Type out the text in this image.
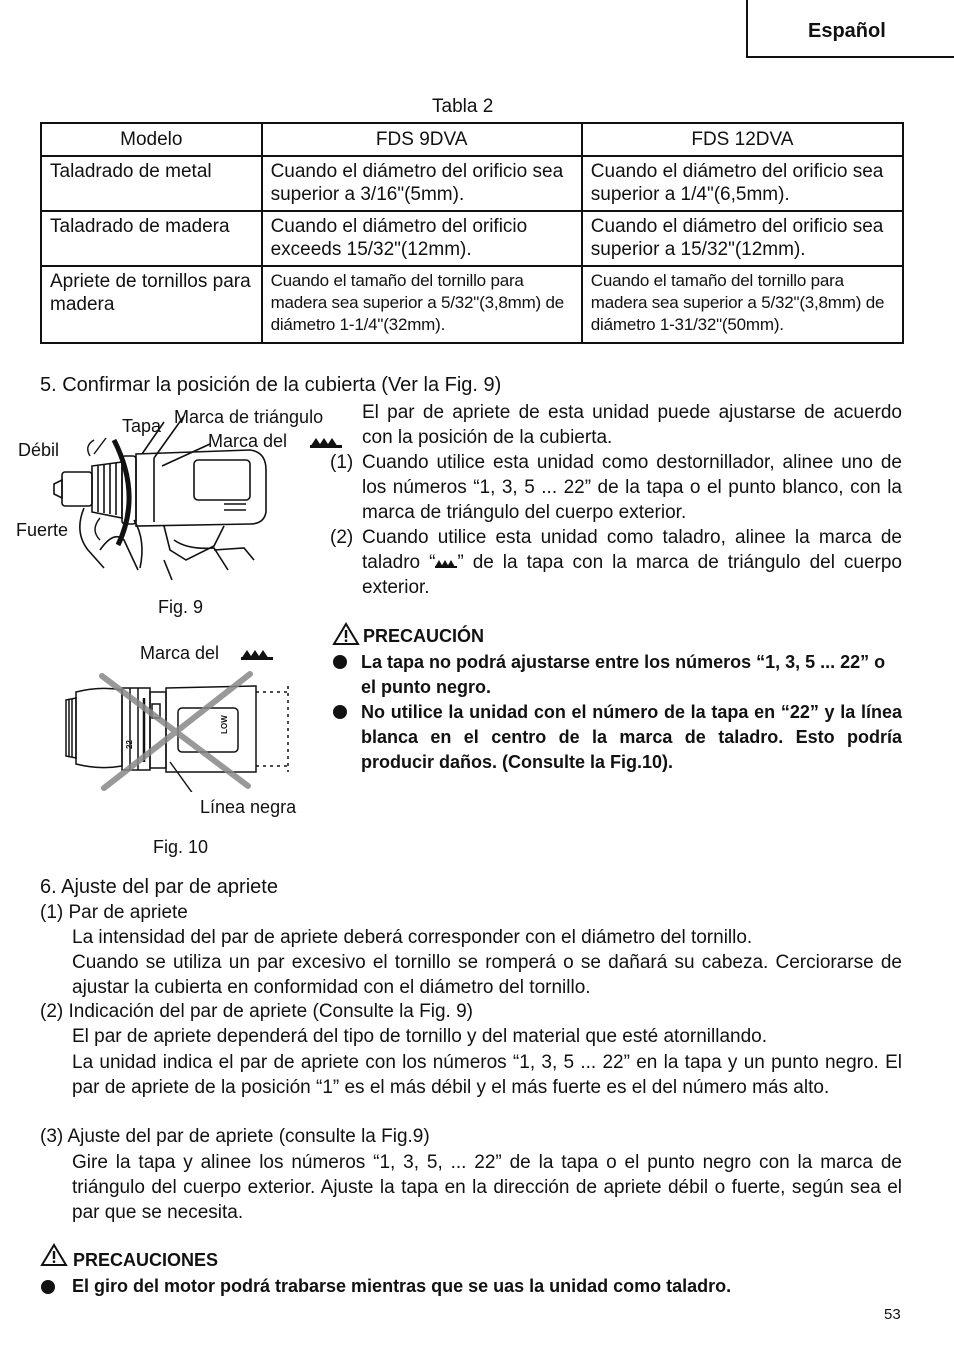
Español
Tabla 2
Modelo	FDS 9DVA	FDS 12DVA
Taladrado de metal	Cuando el diámetro del orificio sea superior a 3/16"(5mm).	Cuando el diámetro del orificio sea superior a 1/4"(6,5mm).
Taladrado de madera	Cuando el diámetro del orificio exceeds 15/32"(12mm).	Cuando el diámetro del orificio sea superior a 15/32"(12mm).
Apriete de tornillos para madera	Cuando el tamaño del tornillo para madera sea superior a 5/32"(3,8mm) de diámetro 1-1/4"(32mm).	Cuando el tamaño del tornillo para madera sea superior a 5/32"(3,8mm) de diámetro 1-31/32"(50mm).
5. Confirmar la posición de la cubierta (Ver la Fig. 9)
Tapa Marca de triángulo
Marca del
Débil
Fuerte
Fig. 9
El par de apriete de esta unidad puede ajustarse de acuerdo con la posición de la cubierta.
(1) Cuando utilice esta unidad como destornillador, alinee uno de los números “1, 3, 5 ... 22” de la tapa o el punto blanco, con la marca de triángulo del cuerpo exterior.
(2) Cuando utilice esta unidad como taladro, alinee la marca de taladro “ ” de la tapa con la marca de triángulo del cuerpo exterior.
PRECAUCIÓN
La tapa no podrá ajustarse entre los números “1, 3, 5 ... 22” o el punto negro.
No utilice la unidad con el número de la tapa en “22” y la línea blanca en el centro de la marca de taladro. Esto podría producir daños. (Consulte la Fig.10).
Marca del
LOW
22
Línea negra
Fig. 10
6. Ajuste del par de apriete
(1) Par de apriete
La intensidad del par de apriete deberá corresponder con el diámetro del tornillo.
Cuando se utiliza un par excesivo el tornillo se romperá o se dañará su cabeza. Cerciorarse de ajustar la cubierta en conformidad con el diámetro del tornillo.
(2) Indicación del par de apriete (Consulte la Fig. 9)
El par de apriete dependerá del tipo de tornillo y del material que esté atornillando.
La unidad indica el par de apriete con los números “1, 3, 5 ... 22” en la tapa y un punto negro. El par de apriete de la posición “1” es el más débil y el más fuerte es el del número más alto.
(3) Ajuste del par de apriete (consulte la Fig.9)
Gire la tapa y alinee los números “1, 3, 5, ... 22” de la tapa o el punto negro con la marca de triángulo del cuerpo exterior. Ajuste la tapa en la dirección de apriete débil o fuerte, según sea el par que se necesita.
PRECAUCIONES
El giro del motor podrá trabarse mientras que se uas la unidad como taladro.
53
